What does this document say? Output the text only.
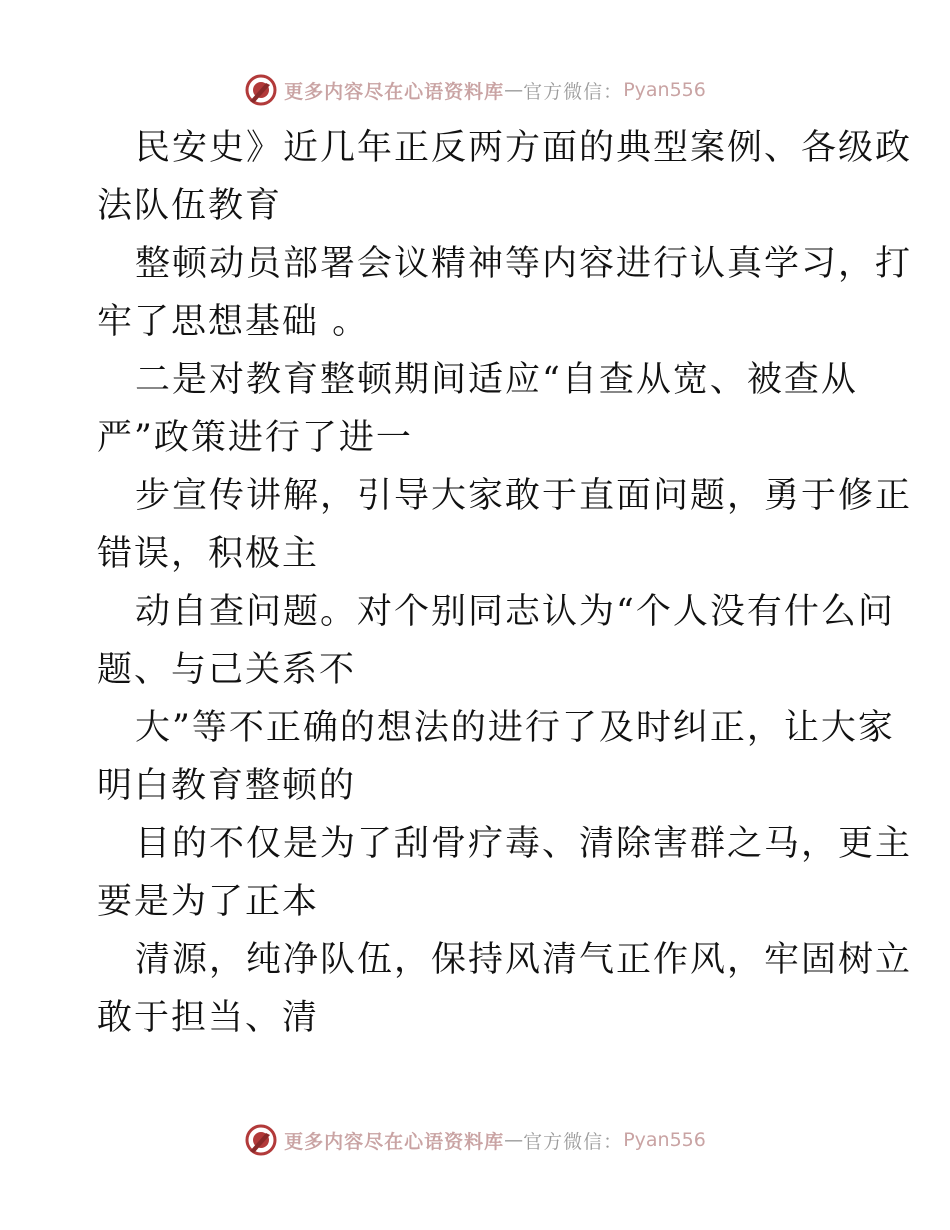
更多内容尽在心语资料库 — 官方微信： Pyan556
民安史》近几年正反两方面的典型案例、各级政
法队伍教育
整顿动员部署会议精神等内容进行认真学习，打
牢了思想基础 。
二是对教育整顿期间适应“自查从宽、被查从
严”政策进行了进一
步宣传讲解，引导大家敢于直面问题，勇于修正
错误，积极主
动自查问题。对个别同志认为“个人没有什么问
题、与己关系不
大”等不正确的想法的进行了及时纠正，让大家
明白教育整顿的
目的不仅是为了刮骨疗毒、清除害群之马，更主
要是为了正本
清源，纯净队伍，保持风清气正作风，牢固树立
敢于担当、清
更多内容尽在心语资料库 — 官方微信： Pyan556
